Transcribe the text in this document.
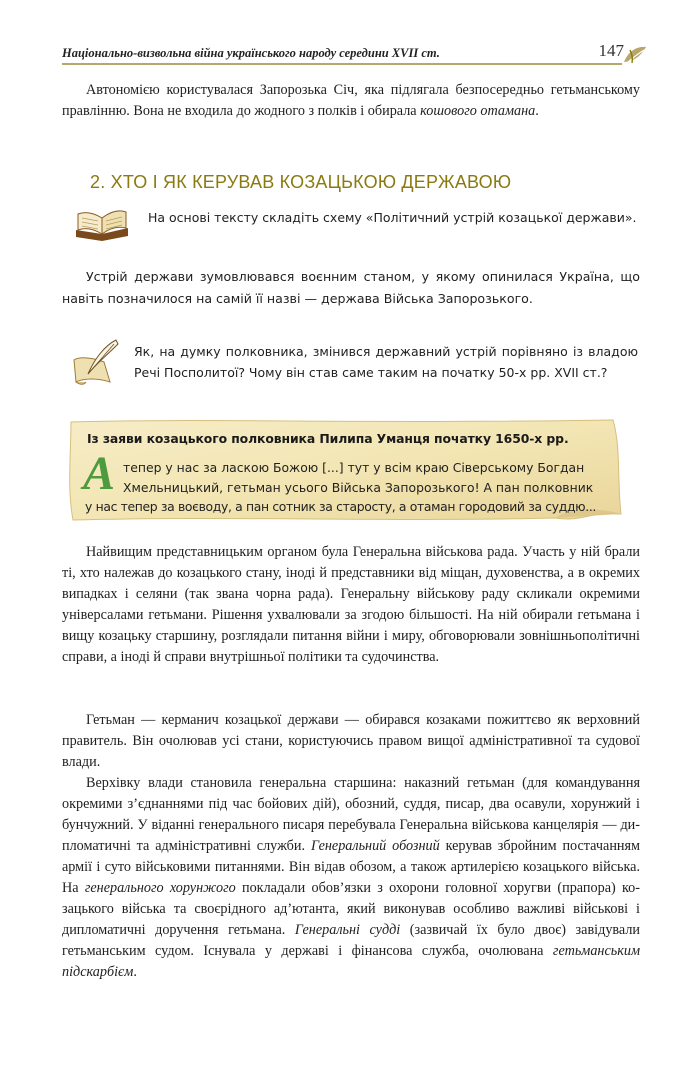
Національно-визвольна війна українського народу середини XVII ст.	147
Автономією користувалася Запорозька Січ, яка підлягала безпосередньо гетьманському правлінню. Вона не входила до жодного з полків і обирала кошового отамана.
2. ХТО І ЯК КЕРУВАВ КОЗАЦЬКОЮ ДЕРЖАВОЮ
На основі тексту складіть схему «Політичний устрій козацької держави».
Устрій держави зумовлювався воєнним станом, у якому опинилася Україна, що навіть позначилося на самій її назві — держава Війська Запорозького.
Як, на думку полковника, змінився державний устрій порівняно із владою Речі Посполитої? Чому він став саме таким на початку 50-х рр. XVII ст.?
Із заяви козацького полковника Пилипа Уманця початку 1650-х рр.
А тепер у нас за ласкою Божою [...] тут у всім краю Сіверському Богдан
Хмельницький, гетьман усього Війська Запорозького! А пан полковник
у нас тепер за воєводу, а пан сотник за старосту, а отаман городовий за суддю...
Найвищим представницьким органом була Генеральна військова рада. Участь у ній брали ті, хто належав до козацького стану, іноді й представники від міщан, духовенства, а в окремих випадках і селяни (так звана чорна рада). Генеральну військову раду скликали окремими універсалами гетьмани. Рішення ухвалювали за згодою більшості. На ній обирали гетьмана і вищу козацьку старшину, розглядали питання війни і миру, обговорювали зовнішньополітичні справи, а іноді й справи внутрішньої політики та судочинства.
Гетьман — керманич козацької держави — обирався козаками пожиттєво як верховний правитель. Він очолював усі стани, користуючись правом вищої адміністративної та судової влади.
Верхівку влади становила генеральна старшина: наказний гетьман (для командування окремими з’єднаннями під час бойових дій), обозний, суддя, писар, два осавули, хорунжий і бунчужний. У віданні генерального писаря перебувала Генеральна військова канцелярія — дипломатичні та адміністративні служби. Генеральний обозний керував збройним постачанням армії і суто військовими питаннями. Він відав обозом, а також артилерією козацького війська. На генерального хорунжого покладали обов’язки з охорони головної хоругви (прапора) козацького війська та своєрідного ад’ютанта, який виконував особливо важливі військові і дипломатичні доручення гетьмана. Генеральні судді (зазвичай їх було двоє) завідували гетьманським судом. Існувала у державі і фінансова служба, очолювана гетьманським підскарбієм.
